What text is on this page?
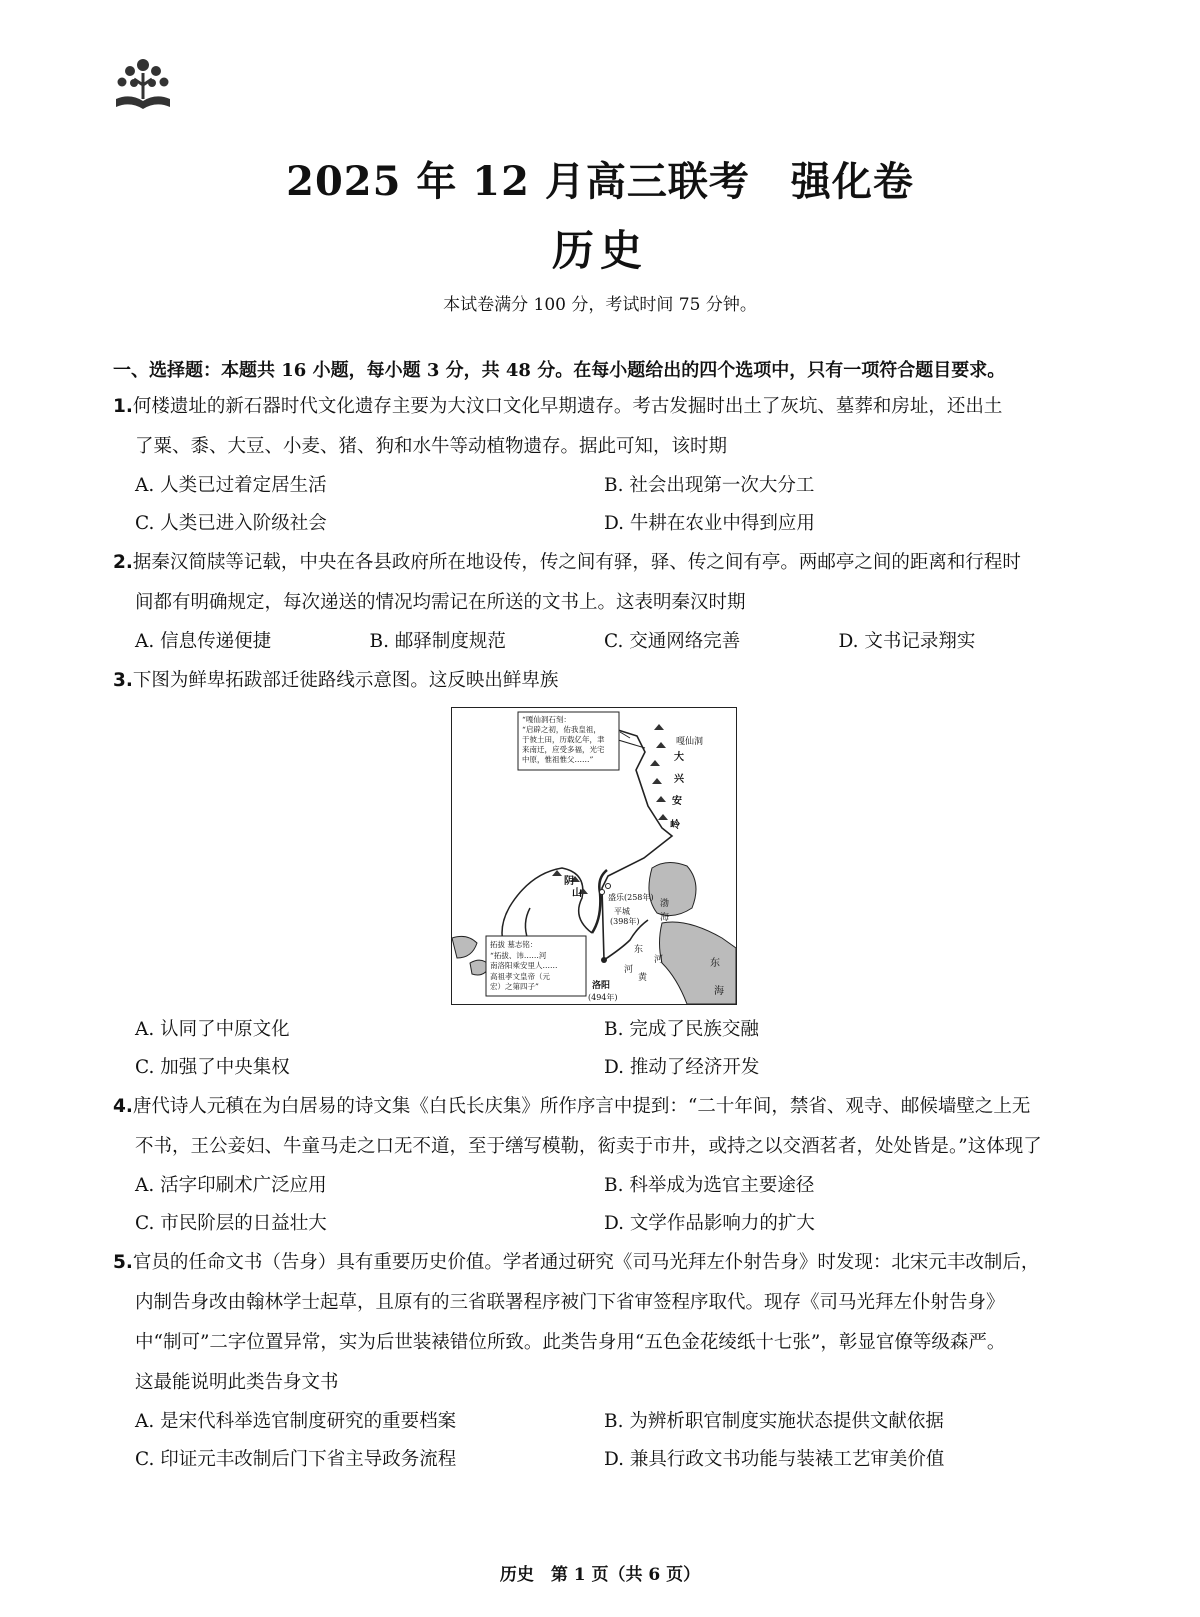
2025 年 12 月高三联考　强化卷
历史
本试卷满分 100 分，考试时间 75 分钟。
一、选择题：本题共 16 小题，每小题 3 分，共 48 分。在每小题给出的四个选项中，只有一项符合题目要求。
1.何楼遗址的新石器时代文化遗存主要为大汶口文化早期遗存。考古发掘时出土了灰坑、墓葬和房址，还出土
了粟、黍、大豆、小麦、猪、狗和水牛等动植物遗存。据此可知，该时期
A. 人类已过着定居生活	B. 社会出现第一次大分工
C. 人类已进入阶级社会	D. 牛耕在农业中得到应用
2.据秦汉简牍等记载，中央在各县政府所在地设传，传之间有驿，驿、传之间有亭。两邮亭之间的距离和行程时
间都有明确规定，每次递送的情况均需记在所送的文书上。这表明秦汉时期
A. 信息传递便捷	B. 邮驿制度规范	C. 交通网络完善	D. 文书记录翔实
3.下图为鲜卑拓跋部迁徙路线示意图。这反映出鲜卑族
“嘎仙洞石刻：
“启辟之初，佑我皇祖，
于彼土田，历载亿年，聿
来南迁，应受多福，光宅
中原，惟祖惟父……”
拓拔 墓志铭：
“拓拔、讳……河
南洛阳乘安里人……
高祖孝文皇帝（元
宏）之第四子”
嘎仙洞
大
兴
安
岭
阴
山	盛乐(258年)
平城
(398年)
渤
海
东
海
东
河
河
黄
洛阳
(494年)
A. 认同了中原文化	B. 完成了民族交融
C. 加强了中央集权	D. 推动了经济开发
4.唐代诗人元稹在为白居易的诗文集《白氏长庆集》所作序言中提到：“二十年间，禁省、观寺、邮候墙壁之上无
不书，王公妾妇、牛童马走之口无不道，至于缮写模勒，衒卖于市井，或持之以交酒茗者，处处皆是。”这体现了
A. 活字印刷术广泛应用	B. 科举成为选官主要途径
C. 市民阶层的日益壮大	D. 文学作品影响力的扩大
5.官员的任命文书（告身）具有重要历史价值。学者通过研究《司马光拜左仆射告身》时发现：北宋元丰改制后，
内制告身改由翰林学士起草，且原有的三省联署程序被门下省审签程序取代。现存《司马光拜左仆射告身》
中“制可”二字位置异常，实为后世装裱错位所致。此类告身用“五色金花绫纸十七张”，彰显官僚等级森严。
这最能说明此类告身文书
A. 是宋代科举选官制度研究的重要档案	B. 为辨析职官制度实施状态提供文献依据
C. 印证元丰改制后门下省主导政务流程	D. 兼具行政文书功能与装裱工艺审美价值
历史　第 1 页（共 6 页）
